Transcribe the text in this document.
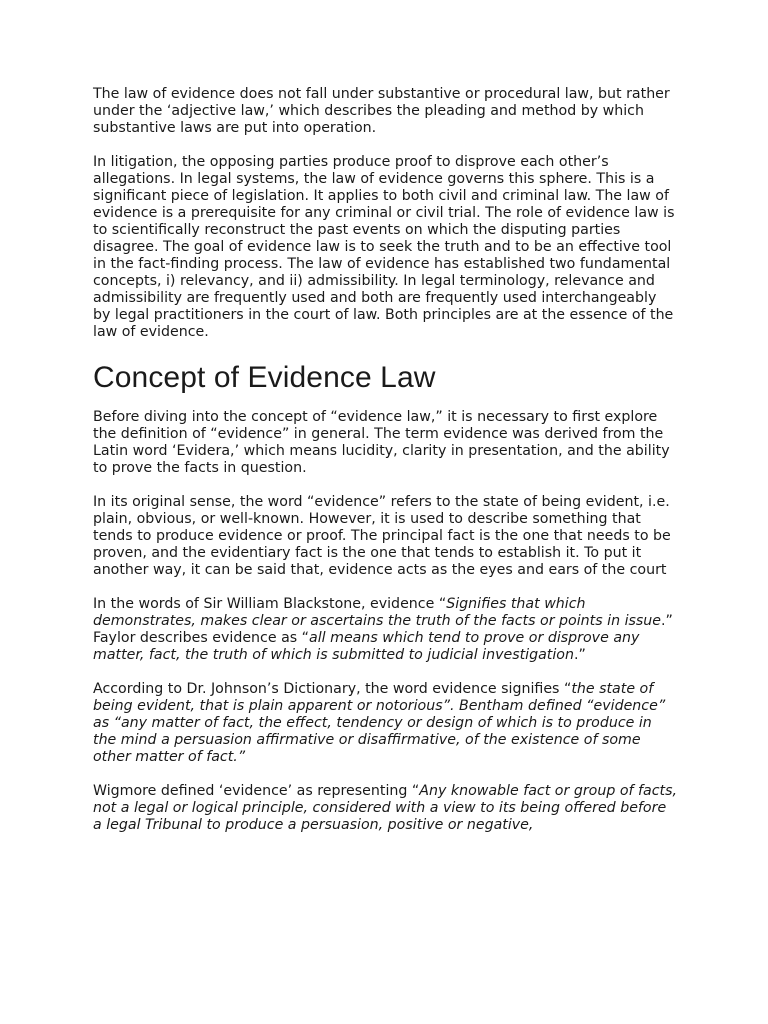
The law of evidence does not fall under substantive or procedural law, but rather under the ‘adjective law,’ which describes the pleading and method by which substantive laws are put into operation.

In litigation, the opposing parties produce proof to disprove each other’s allegations. In legal systems, the law of evidence governs this sphere. This is a significant piece of legislation. It applies to both civil and criminal law. The law of evidence is a prerequisite for any criminal or civil trial. The role of evidence law is to scientifically reconstruct the past events on which the disputing parties disagree. The goal of evidence law is to seek the truth and to be an effective tool in the fact-finding process. The law of evidence has established two fundamental concepts, i) relevancy, and ii) admissibility. In legal terminology, relevance and admissibility are frequently used and both are frequently used interchangeably by legal practitioners in the court of law. Both principles are at the essence of the law of evidence.

Concept of Evidence Law

Before diving into the concept of “evidence law,” it is necessary to first explore the definition of “evidence” in general. The term evidence was derived from the Latin word ‘Evidera,’ which means lucidity, clarity in presentation, and the ability to prove the facts in question.

In its original sense, the word “evidence” refers to the state of being evident, i.e. plain, obvious, or well-known. However, it is used to describe something that tends to produce evidence or proof. The principal fact is the one that needs to be proven, and the evidentiary fact is the one that tends to establish it. To put it another way, it can be said that, evidence acts as the eyes and ears of the court

In the words of Sir William Blackstone, evidence “Signifies that which demonstrates, makes clear or ascertains the truth of the facts or points in issue.” Faylor describes evidence as “all means which tend to prove or disprove any matter, fact, the truth of which is submitted to judicial investigation.”

According to Dr. Johnson’s Dictionary, the word evidence signifies “the state of being evident, that is plain apparent or notorious”. Bentham defined “evidence” as “any matter of fact, the effect, tendency or design of which is to produce in the mind a persuasion affirmative or disaffirmative, of the existence of some other matter of fact.”

Wigmore defined ‘evidence’ as representing “Any knowable fact or group of facts, not a legal or logical principle, considered with a view to its being offered before a legal Tribunal to produce a persuasion, positive or negative,
